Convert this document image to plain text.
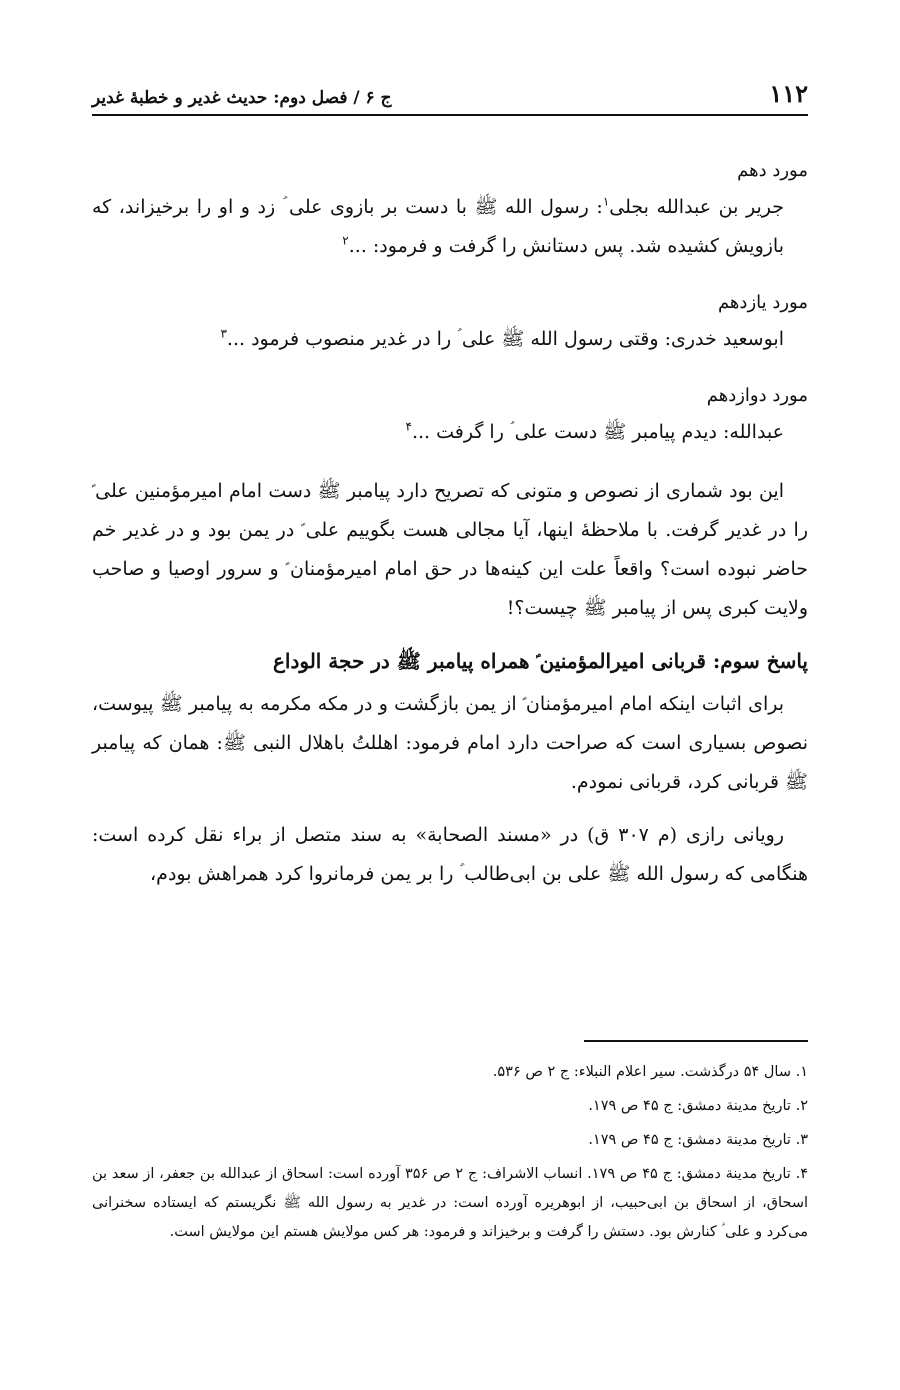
۱۱۲
ج ۶ / فصل دوم: حدیث غدیر و خطبهٔ غدیر

مورد دهم

جریر بن عبدالله بجلی$^۱$: رسول الله ﷺ با دست بر بازوی علی ؑ زد و او را برخیزاند، که بازویش کشیده شد. پس دستانش را گرفت و فرمود: ...$^۲$

مورد یازدهم

ابوسعید خدری: وقتی رسول الله ﷺ علی ؑ را در غدیر منصوب فرمود ...$^۳$

مورد دوازدهم

عبدالله: دیدم پیامبر ﷺ دست علی ؑ را گرفت ...$^۴$

این بود شماری از نصوص و متونی که تصریح دارد پیامبر ﷺ دست امام امیرمؤمنین علی ؑ را در غدیر گرفت. با ملاحظهٔ اینها، آیا مجالی هست بگوییم علی ؑ در یمن بود و در غدیر خم حاضر نبوده است؟ واقعاً علت این کینه‌ها در حق امام امیرمؤمنان ؑ و سرور اوصیا و صاحب ولایت کبری پس از پیامبر ﷺ چیست؟!

پاسخ سوم: قربانی امیرالمؤمنین ؑ همراه پیامبر ﷺ در حجة الوداع

برای اثبات اینکه امام امیرمؤمنان ؑ از یمن بازگشت و در مکه مکرمه به پیامبر ﷺ پیوست، نصوص بسیاری است که صراحت دارد امام فرمود: اهللتُ باهلال النبی ﷺ: همان که پیامبر ﷺ قربانی کرد، قربانی نمودم.

رویانی رازی (م ۳۰۷ ق) در «مسند الصحابة» به سند متصل از براء نقل کرده است: هنگامی که رسول الله ﷺ علی بن ابی‌طالب ؑ را بر یمن فرمانروا کرد همراهش بودم،

۱. سال ۵۴ درگذشت. سیر اعلام النبلاء: ج ۲ ص ۵۳۶.

۲. تاریخ مدینة دمشق: ج ۴۵ ص ۱۷۹.

۳. تاریخ مدینة دمشق: ج ۴۵ ص ۱۷۹.

۴. تاریخ مدینة دمشق: ج ۴۵ ص ۱۷۹. انساب الاشراف: ج ۲ ص ۳۵۶ آورده است: اسحاق از عبدالله بن جعفر، از سعد بن اسحاق، از اسحاق بن ابی‌حبیب، از ابوهریره آورده است: در غدیر به رسول الله ﷺ نگریستم که ایستاده سخنرانی می‌کرد و علی ؑ کنارش بود. دستش را گرفت و برخیزاند و فرمود: هر کس مولایش هستم این مولایش است.
